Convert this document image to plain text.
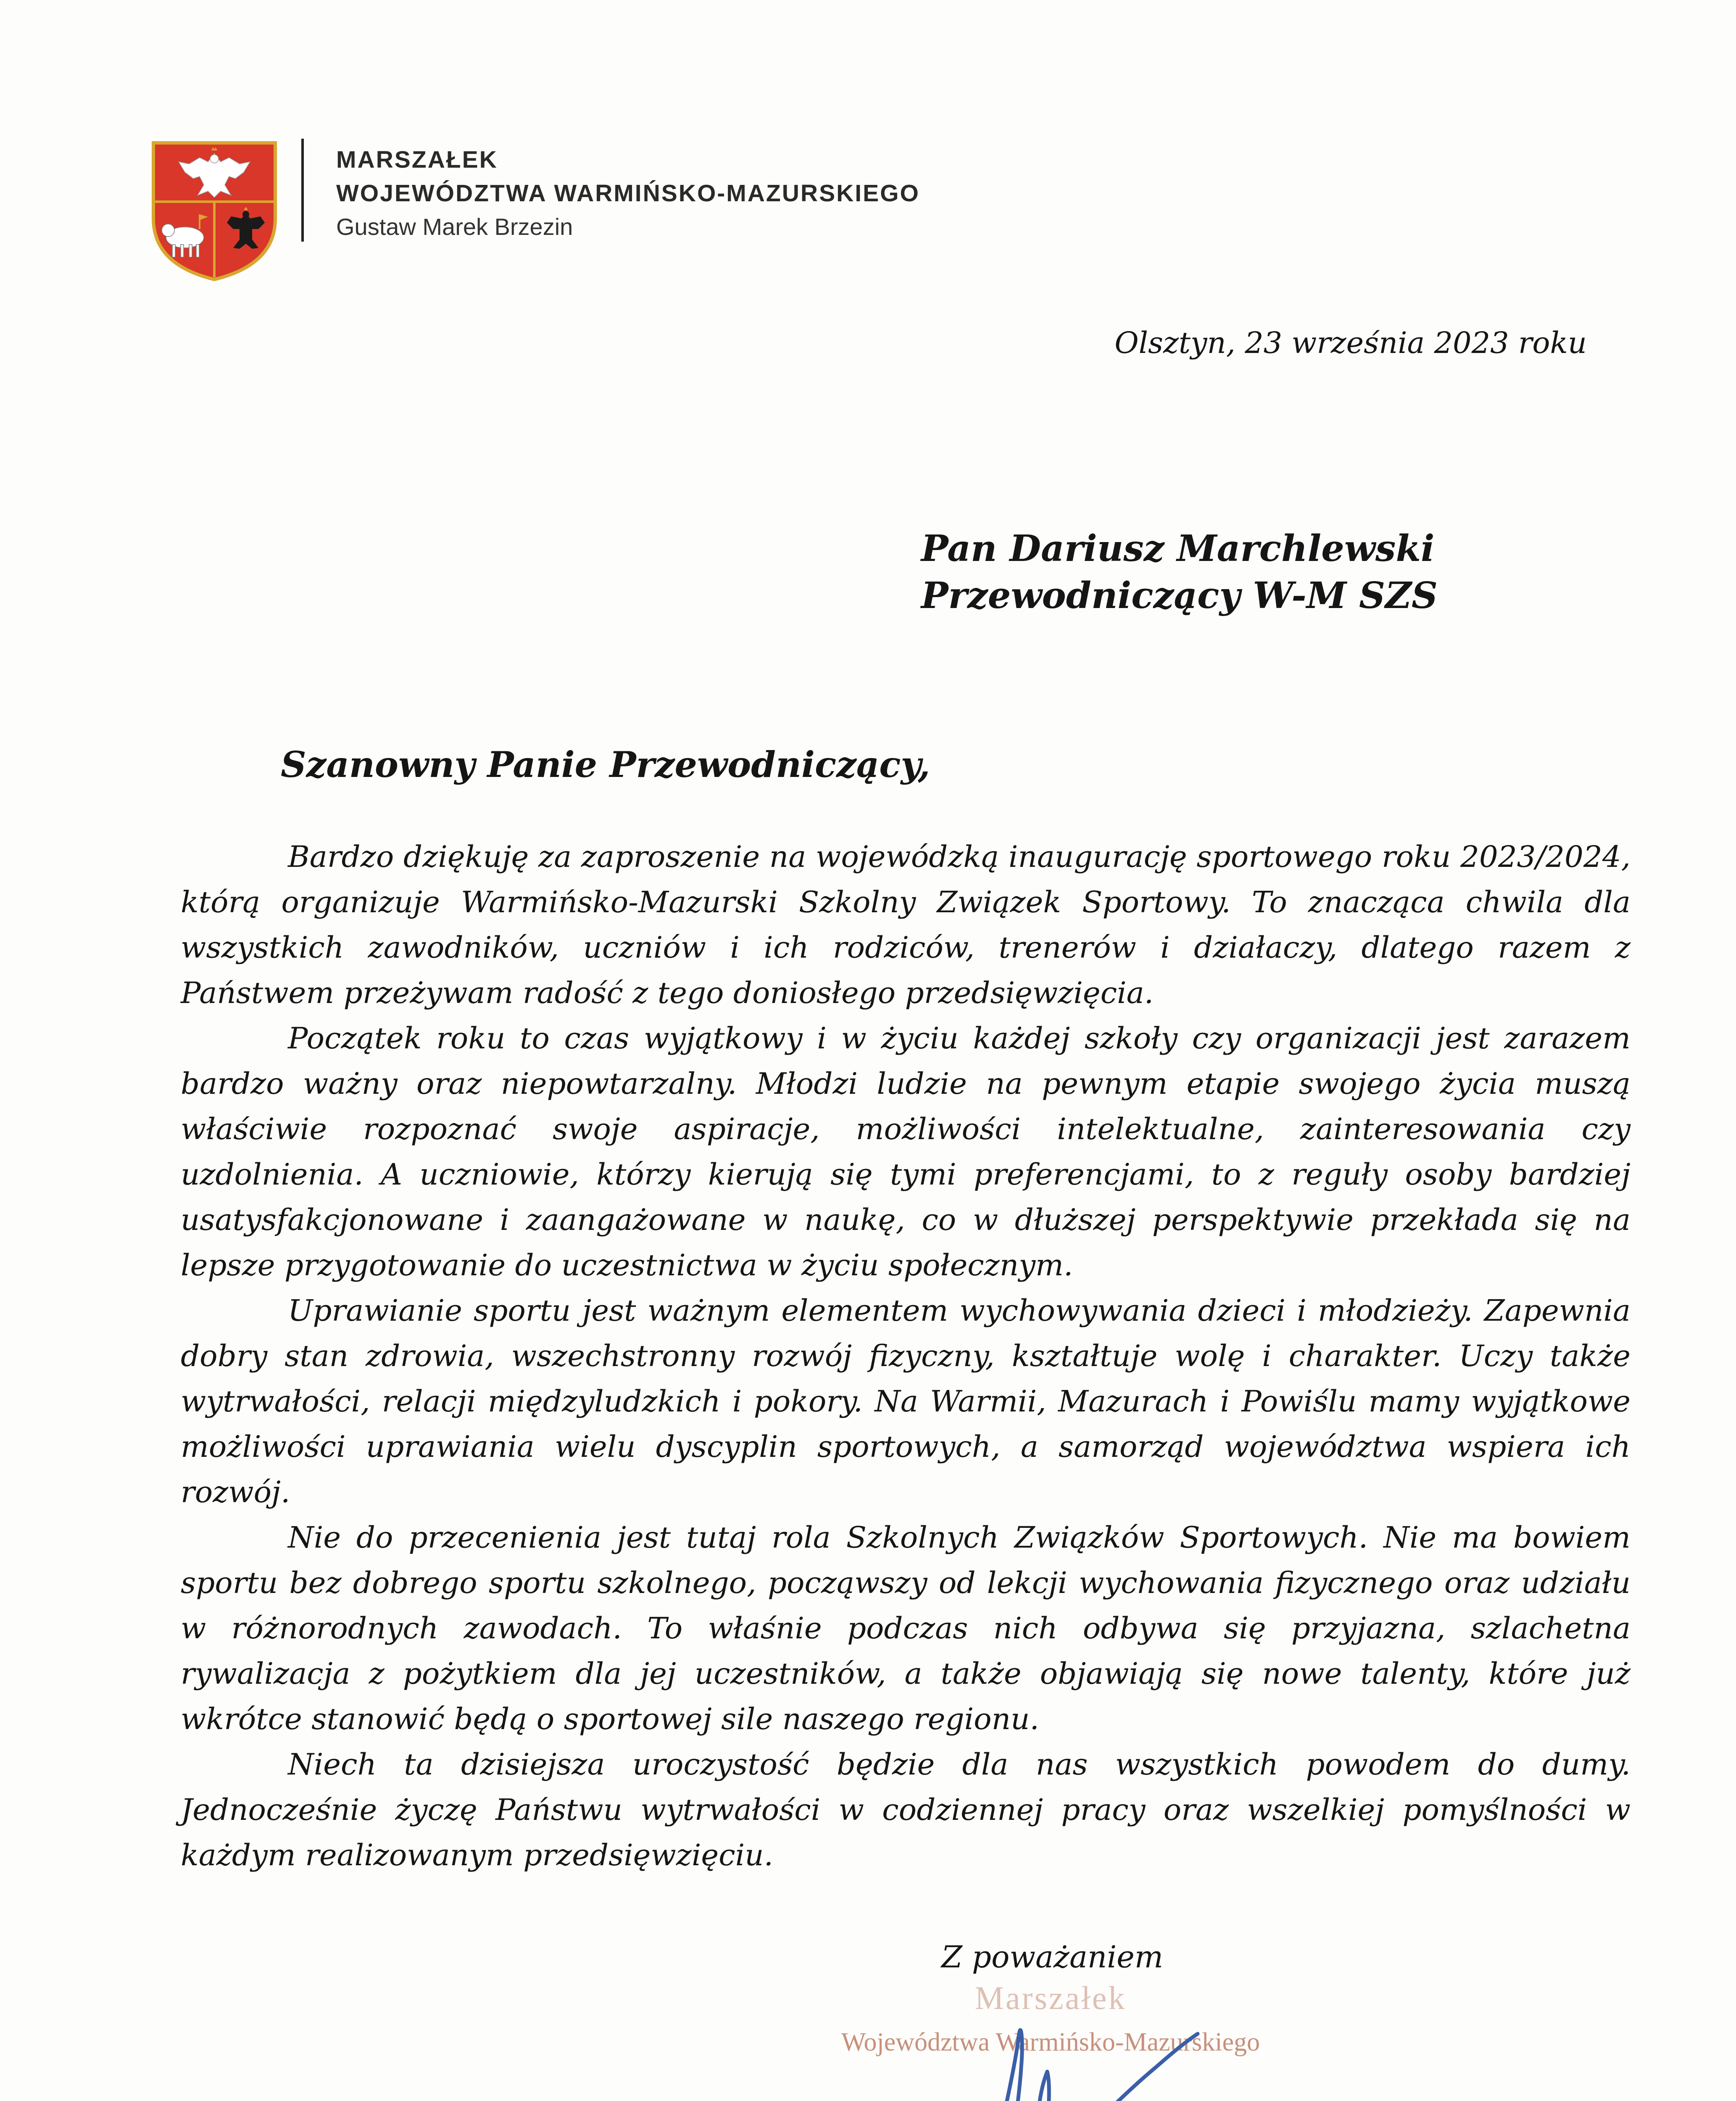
MARSZAŁEK
WOJEWÓDZTWA WARMIŃSKO-MAZURSKIEGO
Gustaw Marek Brzezin
Olsztyn, 23 września 2023 roku
Pan Dariusz Marchlewski
Przewodniczący W-M SZS
Szanowny Panie Przewodniczący,

Bardzo dziękuję za zaproszenie na wojewódzką inaugurację sportowego roku 2023/2024, którą organizuje Warmińsko-Mazurski Szkolny Związek Sportowy. To znacząca chwila dla wszystkich zawodników, uczniów i ich rodziców, trenerów i działaczy, dlatego razem z Państwem przeżywam radość z tego doniosłego przedsięwzięcia.

Początek roku to czas wyjątkowy i w życiu każdej szkoły czy organizacji jest zarazem bardzo ważny oraz niepowtarzalny. Młodzi ludzie na pewnym etapie swojego życia muszą właściwie rozpoznać swoje aspiracje, możliwości intelektualne, zainteresowania czy uzdolnienia. A uczniowie, którzy kierują się tymi preferencjami, to z reguły osoby bardziej usatysfakcjonowane i zaangażowane w naukę, co w dłuższej perspektywie przekłada się na lepsze przygotowanie do uczestnictwa w życiu społecznym.

Uprawianie sportu jest ważnym elementem wychowywania dzieci i młodzieży. Zapewnia dobry stan zdrowia, wszechstronny rozwój fizyczny, kształtuje wolę i charakter. Uczy także wytrwałości, relacji międzyludzkich i pokory. Na Warmii, Mazurach i Powiślu mamy wyjątkowe możliwości uprawiania wielu dyscyplin sportowych, a samorząd województwa wspiera ich rozwój.

Nie do przecenienia jest tutaj rola Szkolnych Związków Sportowych. Nie ma bowiem sportu bez dobrego sportu szkolnego, począwszy od lekcji wychowania fizycznego oraz udziału w różnorodnych zawodach. To właśnie podczas nich odbywa się przyjazna, szlachetna rywalizacja z pożytkiem dla jej uczestników, a także objawiają się nowe talenty, które już wkrótce stanowić będą o sportowej sile naszego regionu.

Niech ta dzisiejsza uroczystość będzie dla nas wszystkich powodem do dumy. Jednocześnie życzę Państwu wytrwałości w codziennej pracy oraz wszelkiej pomyślności w każdym realizowanym przedsięwzięciu.

Marszałek
Województwa Warmińsko-Mazurskiego
Z poważaniem
